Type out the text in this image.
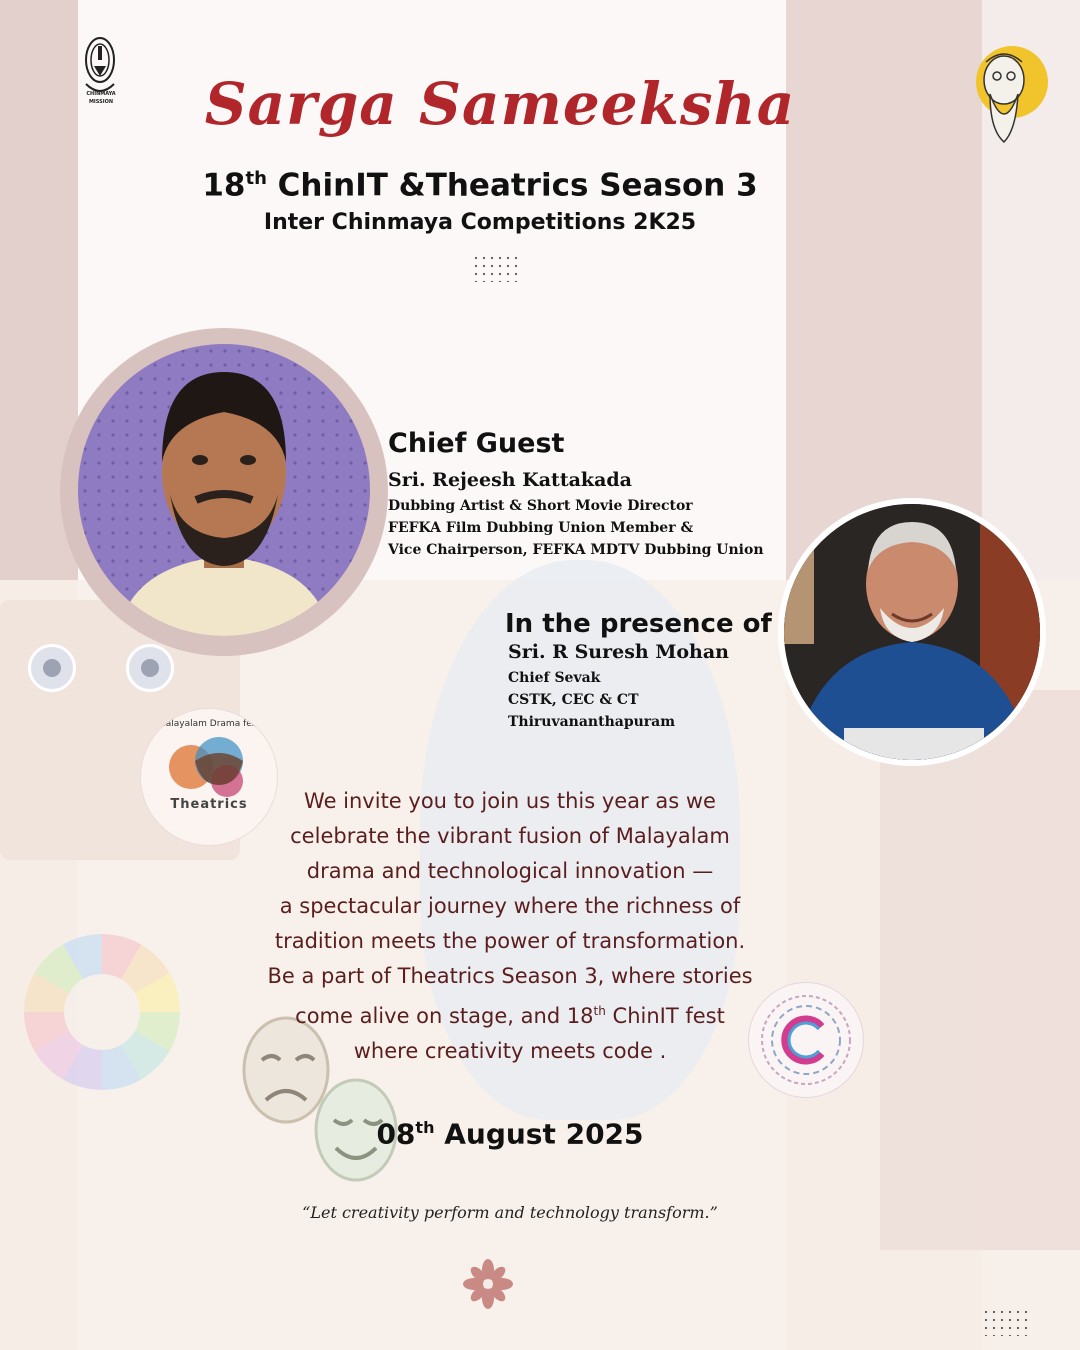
CHINMAYA MISSION	Sarga Sameeksha
18th ChinIT &Theatrics Season 3
Inter Chinmaya Competitions 2K25
Chief Guest
Sri. Rejeesh Kattakada
Dubbing Artist & Short Movie Director
FEFKA Film Dubbing Union Member &
Vice Chairperson, FEFKA MDTV Dubbing Union
In the presence of
Sri. R Suresh Mohan
Chief Sevak
CSTK, CEC & CT
Thiruvananthapuram
Malayalam Drama fest
Theatrics	We invite you to join us this year as we
celebrate the vibrant fusion of Malayalam
drama and technological innovation —
a spectacular journey where the richness of
tradition meets the power of transformation.
Be a part of Theatrics Season 3, where stories
come alive on stage, and 18th ChinIT fest
where creativity meets code .
08th August 2025
“Let creativity perform and technology transform.”
